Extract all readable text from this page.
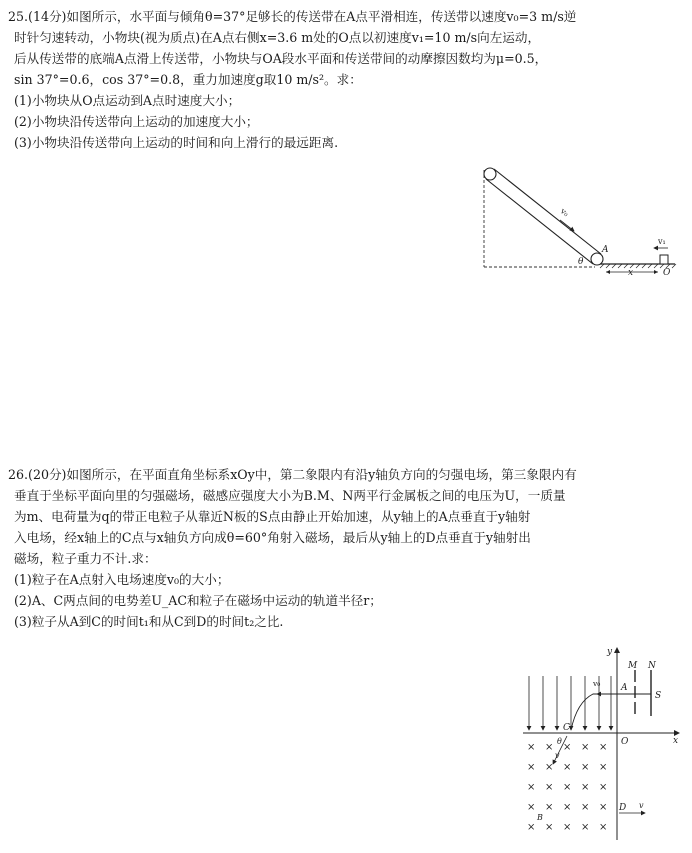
25.(14分)如图所示，水平面与倾角θ=37°足够长的传送带在A点平滑相连，传送带以速度v₀=3 m/s逆
时针匀速转动，小物块(视为质点)在A点右侧x=3.6 m处的O点以初速度v₁=10 m/s向左运动，
后从传送带的底端A点滑上传送带，小物块与OA段水平面和传送带间的动摩擦因数均为μ=0.5，
sin 37°=0.6，cos 37°=0.8，重力加速度g取10 m/s²。求：
(1)小物块从O点运动到A点时速度大小；
(2)小物块沿传送带向上运动的加速度大小；
(3)小物块沿传送带向上运动的时间和向上滑行的最远距离.
v₀
v₁
A
θ
x	O
26.(20分)如图所示，在平面直角坐标系xOy中，第二象限内有沿y轴负方向的匀强电场，第三象限内有
垂直于坐标平面向里的匀强磁场，磁感应强度大小为B.M、N两平行金属板之间的电压为U，一质量
为m、电荷量为q的带正电粒子从靠近N板的S点由静止开始加速，从y轴上的A点垂直于y轴射
入电场，经x轴上的C点与x轴负方向成θ=60°角射入磁场，最后从y轴上的D点垂直于y轴射出
磁场，粒子重力不计.求：
(1)粒子在A点射入电场速度v₀的大小；
(2)A、C两点间的电势差U_AC和粒子在磁场中运动的轨道半径r；
(3)粒子从A到C的时间t₁和从C到D的时间t₂之比.
y
x
O
M N
S
A
v₀
C
θ
v
× × × × ×
× × × × ×
× × × × ×
× × × × ×
× × × × ×
B
D v
